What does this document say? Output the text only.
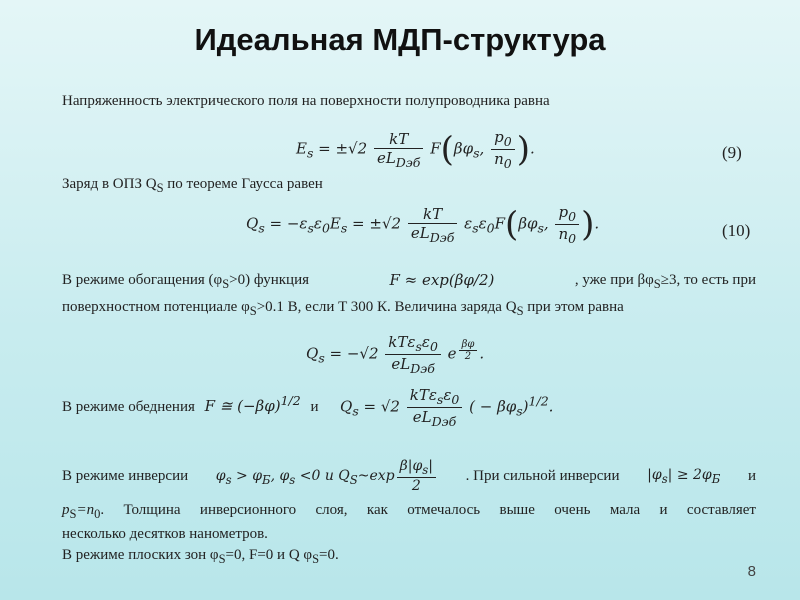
Идеальная МДП-структура
Напряженность электрического поля на поверхности полупроводника равна
$E_s = \pm√2 \frac{kT}{eL_{Dэб}} F(\beta\varphi_s$, $\frac{p_0}{n_0}$ ).	(9)
Заряд в ОПЗ $Q_S$ по теореме Гаусса равен
$Q_s = -\varepsilon_s\varepsilon_0E_s = \pm√2 \frac{kT}{eL_{Dэб}} \varepsilon_s\varepsilon_0F(\beta\varphi_s$, $\frac{p_0}{n_0}$ ).	(10)
В режиме обогащения $(\varphi_S>0)$ функция	F ≈ exp(βφ/2)	, уже при $\beta\varphi_S\ge 3$, то есть при
поверхностном потенциале $\varphi_S>0.1$ В, если T 300 К. Величина заряда $Q_S$ при этом равна
$Q_s = -√2 \frac{kT\varepsilon_s\varepsilon_0}{eL_{Dэб}}$ e $^{\frac{\beta\varphi}{2}}$ .
В режиме обеднения F ≅ $(-\beta\varphi)^{1/2}$ и $Q_s = √2 \frac{kT\varepsilon_s\varepsilon_0}{eL_{Dэб}}$ ( − $\beta\varphi_s)^{1/2}$.
В режиме инверсии $\varphi_s > \varphi_Б$, $\varphi_s <0$ и $Q_S\sim\exp \frac{\beta|\varphi_s|}{2}$ . При сильной инверсии $|\varphi_s| \ge 2\varphi_Б$ и
$p_S=n_0$. Толщина инверсионного слоя, как отмечалось выше очень мала и составляет
несколько десятков нанометров.
В режиме плоских зон $\varphi_S=0$, F=0 и Q $\varphi_S=0$.
8
